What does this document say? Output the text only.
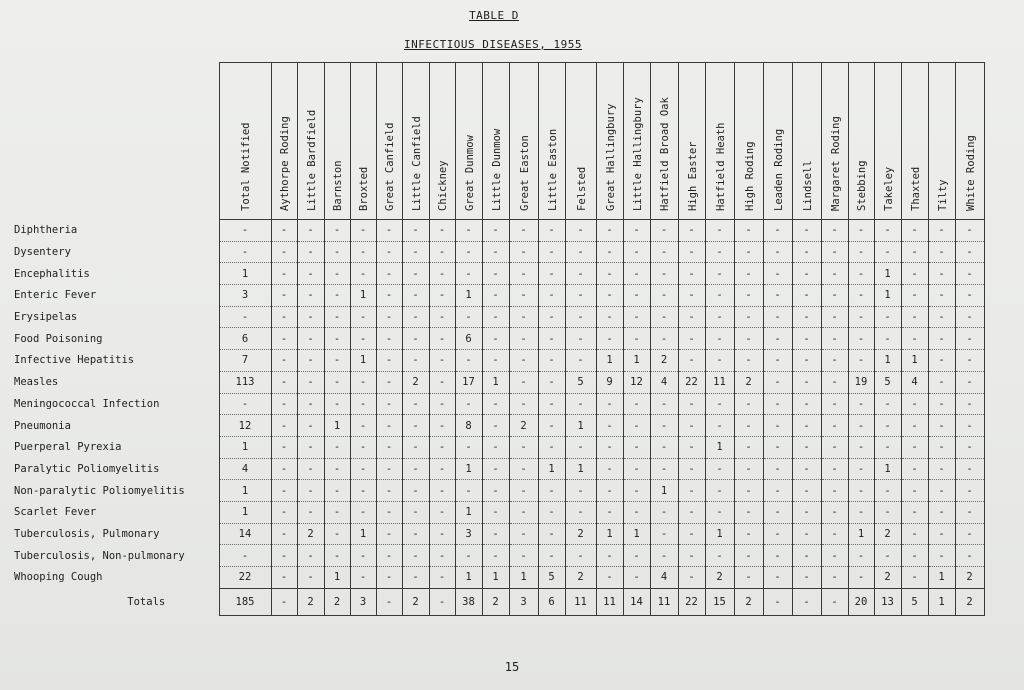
TABLE D
INFECTIOUS DISEASES, 1955

	Total Notified	Aythorpe Roding	Little Bardfield	Barnston	Broxted	Great Canfield	Little Canfield	Chickney	Great Dunmow	Little Dunmow	Great Easton	Little Easton	Felsted	Great Hallingbury	Little Hallingbury	Hatfield Broad Oak	High Easter	Hatfield Heath	High Roding	Leaden Roding	Lindsell	Margaret Roding	Stebbing	Takeley	Thaxted	Tilty	White Roding

Diphtheria	-	-	-	-	-	-	-	-	-	-	-	-	-	-	-	-	-	-	-	-	-	-	-	-	-	-	-
Dysentery	-	-	-	-	-	-	-	-	-	-	-	-	-	-	-	-	-	-	-	-	-	-	-	-	-	-	-
Encephalitis	1	-	-	-	-	-	-	-	-	-	-	-	-	-	-	-	-	-	-	-	-	-	-	1	-	-	-
Enteric Fever	3	-	-	-	1	-	-	-	1	-	-	-	-	-	-	-	-	-	-	-	-	-	-	1	-	-	-
Erysipelas	-	-	-	-	-	-	-	-	-	-	-	-	-	-	-	-	-	-	-	-	-	-	-	-	-	-	-
Food Poisoning	6	-	-	-	-	-	-	-	6	-	-	-	-	-	-	-	-	-	-	-	-	-	-	-	-	-	-
Infective Hepatitis	7	-	-	-	1	-	-	-	-	-	-	-	-	1	1	2	-	-	-	-	-	-	-	1	1	-	-
Measles	113	-	-	-	-	-	2	-	17	1	-	-	5	9	12	4	22	11	2	-	-	-	19	5	4	-	-
Meningococcal Infection	-	-	-	-	-	-	-	-	-	-	-	-	-	-	-	-	-	-	-	-	-	-	-	-	-	-	-
Pneumonia	12	-	-	1	-	-	-	-	8	-	2	-	1	-	-	-	-	-	-	-	-	-	-	-	-	-	-
Puerperal Pyrexia	1	-	-	-	-	-	-	-	-	-	-	-	-	-	-	-	-	1	-	-	-	-	-	-	-	-	-
Paralytic Poliomyelitis	4	-	-	-	-	-	-	-	1	-	-	1	1	-	-	-	-	-	-	-	-	-	-	1	-	-	-
Non-paralytic Poliomyelitis	1	-	-	-	-	-	-	-	-	-	-	-	-	-	-	1	-	-	-	-	-	-	-	-	-	-	-
Scarlet Fever	1	-	-	-	-	-	-	-	1	-	-	-	-	-	-	-	-	-	-	-	-	-	-	-	-	-	-
Tuberculosis, Pulmonary	14	-	2	-	1	-	-	-	3	-	-	-	2	1	1	-	-	1	-	-	-	-	1	2	-	-	-
Tuberculosis, Non-pulmonary	-	-	-	-	-	-	-	-	-	-	-	-	-	-	-	-	-	-	-	-	-	-	-	-	-	-	-
Whooping Cough	22	-	-	1	-	-	-	-	1	1	1	5	2	-	-	4	-	2	-	-	-	-	-	2	-	1	2
Totals	185	-	2	2	3	-	2	-	38	2	3	6	11	11	14	11	22	15	2	-	-	-	20	13	5	1	2
15
